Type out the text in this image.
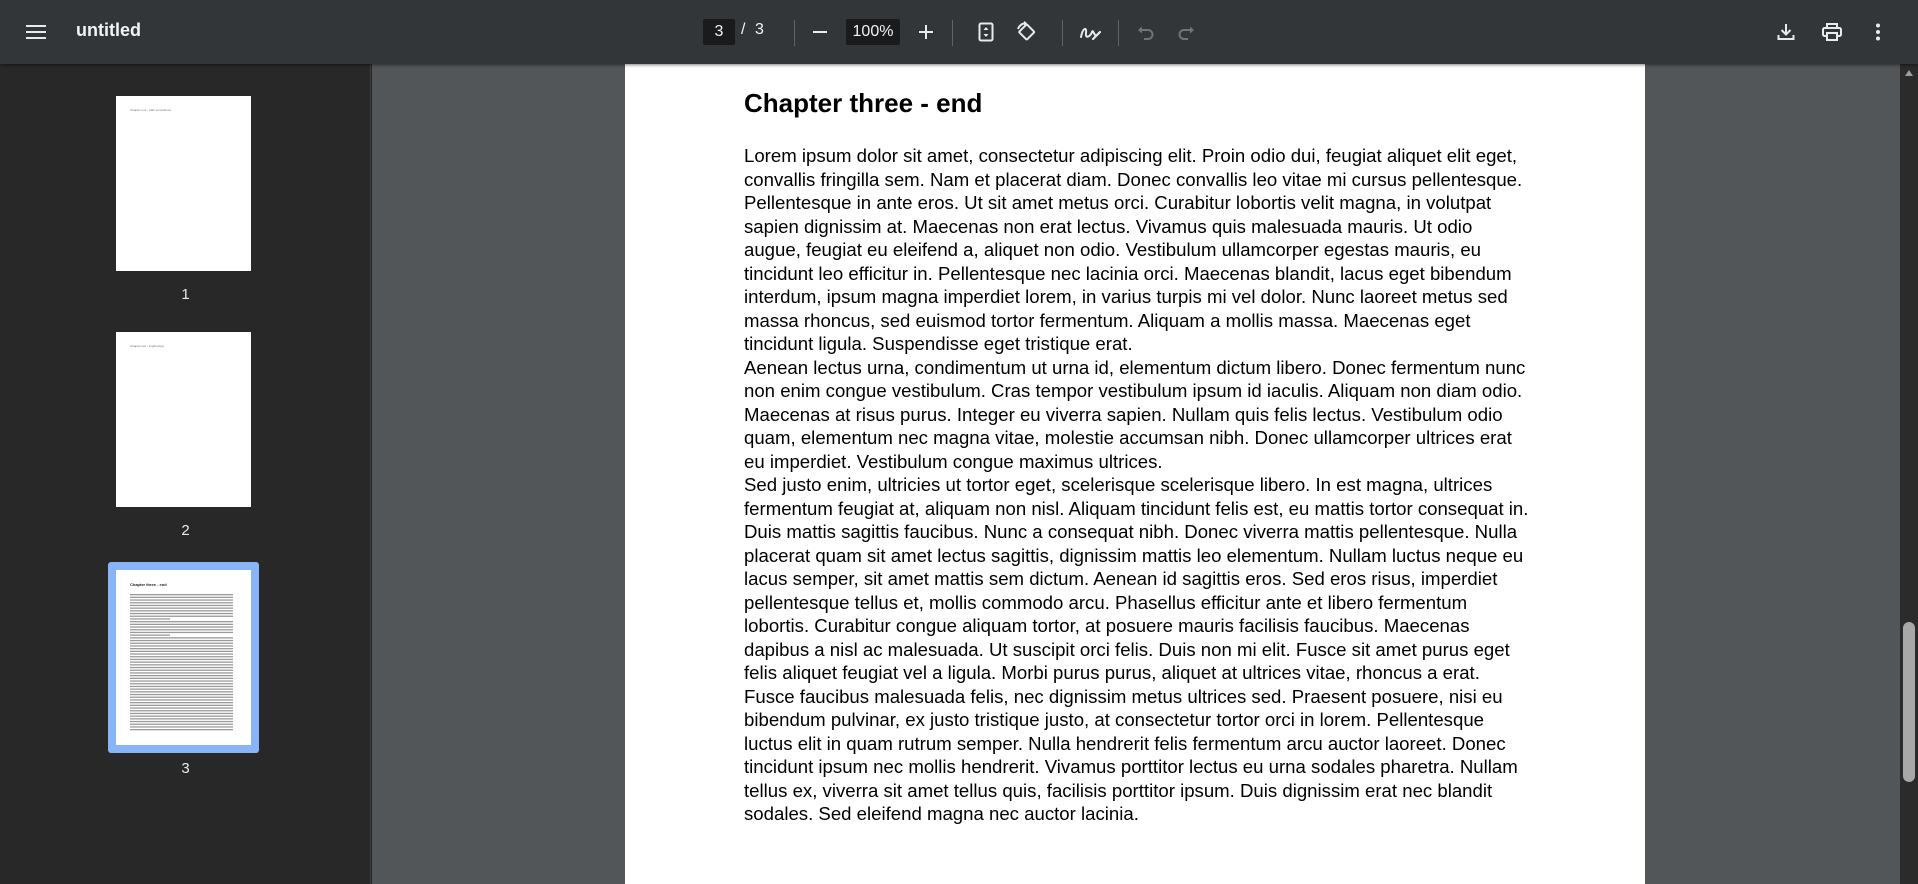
untitled	3	/ 3	100%
Chapter one - blah sometitious
1
Chapter two - sngthetiquy
2
Chapter three - end
3
Chapter three - end

Lorem ipsum dolor sit amet, consectetur adipiscing elit. Proin odio dui, feugiat aliquet elit eget, convallis fringilla sem. Nam et placerat diam. Donec convallis leo vitae mi cursus pellentesque. Pellentesque in ante eros. Ut sit amet metus orci. Curabitur lobortis velit magna, in volutpat sapien dignissim at. Maecenas non erat lectus. Vivamus quis malesuada mauris. Ut odio augue, feugiat eu eleifend a, aliquet non odio. Vestibulum ullamcorper egestas mauris, eu tincidunt leo efficitur in. Pellentesque nec lacinia orci. Maecenas blandit, lacus eget bibendum interdum, ipsum magna imperdiet lorem, in varius turpis mi vel dolor. Nunc laoreet metus sed massa rhoncus, sed euismod tortor fermentum. Aliquam a mollis massa. Maecenas eget tincidunt ligula. Suspendisse eget tristique erat.

Aenean lectus urna, condimentum ut urna id, elementum dictum libero. Donec fermentum nunc non enim congue vestibulum. Cras tempor vestibulum ipsum id iaculis. Aliquam non diam odio. Maecenas at risus purus. Integer eu viverra sapien. Nullam quis felis lectus. Vestibulum odio quam, elementum nec magna vitae, molestie accumsan nibh. Donec ullamcorper ultrices erat eu imperdiet. Vestibulum congue maximus ultrices.

Sed justo enim, ultricies ut tortor eget, scelerisque scelerisque libero. In est magna, ultrices fermentum feugiat at, aliquam non nisl. Aliquam tincidunt felis est, eu mattis tortor consequat in. Duis mattis sagittis faucibus. Nunc a consequat nibh. Donec viverra mattis pellentesque. Nulla placerat quam sit amet lectus sagittis, dignissim mattis leo elementum. Nullam luctus neque eu lacus semper, sit amet mattis sem dictum. Aenean id sagittis eros. Sed eros risus, imperdiet pellentesque tellus et, mollis commodo arcu. Phasellus efficitur ante et libero fermentum lobortis. Curabitur congue aliquam tortor, at posuere mauris facilisis faucibus. Maecenas dapibus a nisl ac malesuada. Ut suscipit orci felis. Duis non mi elit. Fusce sit amet purus eget felis aliquet feugiat vel a ligula. Morbi purus purus, aliquet at ultrices vitae, rhoncus a erat. Fusce faucibus malesuada felis, nec dignissim metus ultrices sed. Praesent posuere, nisi eu bibendum pulvinar, ex justo tristique justo, at consectetur tortor orci in lorem. Pellentesque luctus elit in quam rutrum semper. Nulla hendrerit felis fermentum arcu auctor laoreet. Donec tincidunt ipsum nec mollis hendrerit. Vivamus porttitor lectus eu urna sodales pharetra. Nullam tellus ex, viverra sit amet tellus quis, facilisis porttitor ipsum. Duis dignissim erat nec blandit sodales. Sed eleifend magna nec auctor lacinia.
